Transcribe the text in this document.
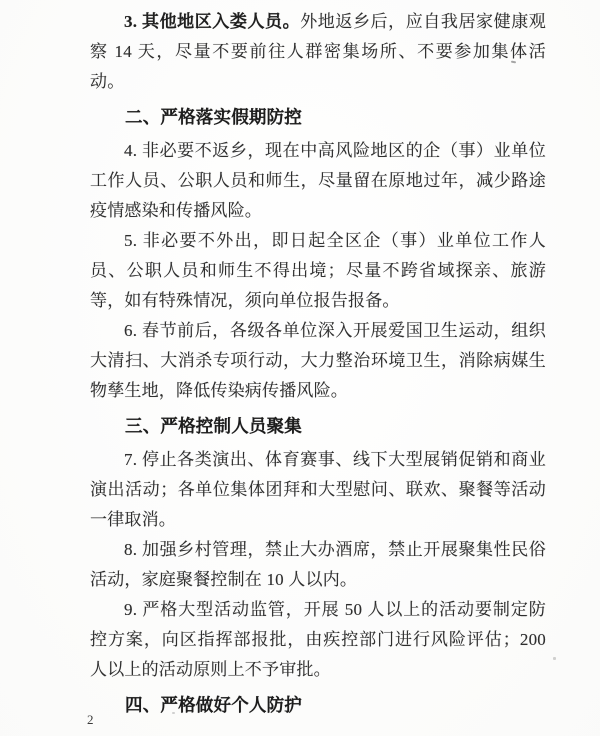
3. 其他地区入娄人员。外地返乡后，应自我居家健康观察 14 天，尽量不要前往人群密集场所、不要参加集体活动。

二、严格落实假期防控

4. 非必要不返乡，现在中高风险地区的企（事）业单位工作人员、公职人员和师生，尽量留在原地过年，减少路途疫情感染和传播风险。

5. 非必要不外出，即日起全区企（事）业单位工作人员、公职人员和师生不得出境；尽量不跨省域探亲、旅游等，如有特殊情况，须向单位报告报备。

6. 春节前后，各级各单位深入开展爱国卫生运动，组织大清扫、大消杀专项行动，大力整治环境卫生，消除病媒生物孳生地，降低传染病传播风险。

三、严格控制人员聚集

7. 停止各类演出、体育赛事、线下大型展销促销和商业演出活动；各单位集体团拜和大型慰问、联欢、聚餐等活动一律取消。

8. 加强乡村管理，禁止大办酒席，禁止开展聚集性民俗活动，家庭聚餐控制在 10 人以内。

9. 严格大型活动监管，开展 50 人以上的活动要制定防控方案，向区指挥部报批，由疾控部门进行风险评估；200 人以上的活动原则上不予审批。

四、严格做好个人防护
2
